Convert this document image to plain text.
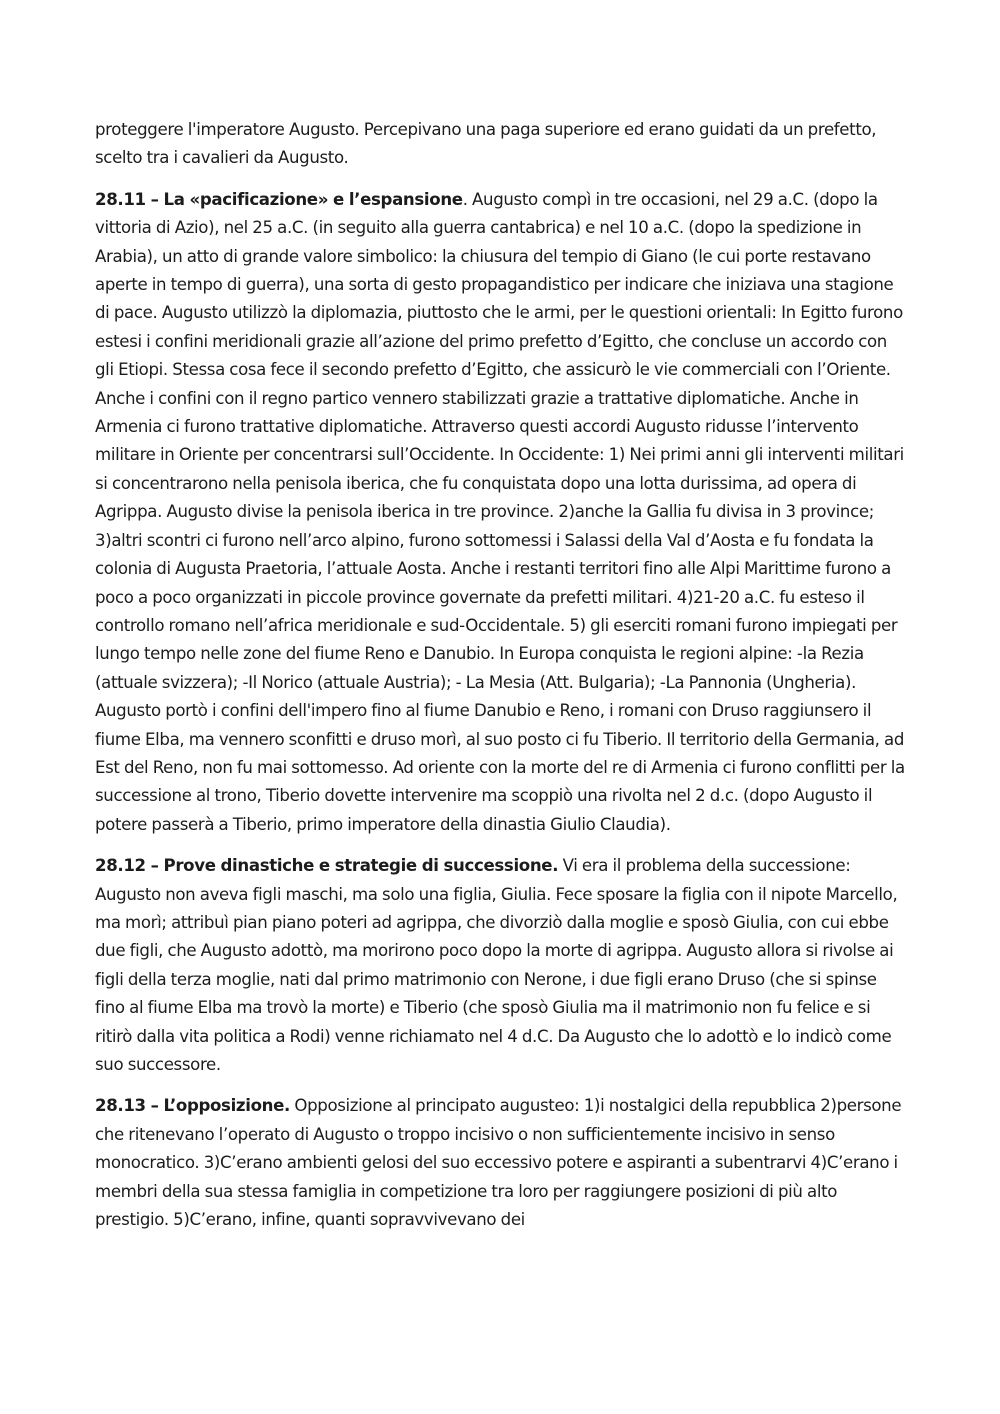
proteggere l'imperatore Augusto. Percepivano una paga superiore ed erano guidati da un prefetto, scelto tra i cavalieri da Augusto.

28.11 – La «pacificazione» e l’espansione. Augusto compì in tre occasioni, nel 29 a.C. (dopo la vittoria di Azio), nel 25 a.C. (in seguito alla guerra cantabrica) e nel 10 a.C. (dopo la spedizione in Arabia), un atto di grande valore simbolico: la chiusura del tempio di Giano (le cui porte restavano aperte in tempo di guerra), una sorta di gesto propagandistico per indicare che iniziava una stagione di pace. Augusto utilizzò la diplomazia, piuttosto che le armi, per le questioni orientali: In Egitto furono estesi i confini meridionali grazie all’azione del primo prefetto d’Egitto, che concluse un accordo con gli Etiopi. Stessa cosa fece il secondo prefetto d’Egitto, che assicurò le vie commerciali con l’Oriente. Anche i confini con il regno partico vennero stabilizzati grazie a trattative diplomatiche. Anche in Armenia ci furono trattative diplomatiche. Attraverso questi accordi Augusto ridusse l’intervento militare in Oriente per concentrarsi sull’Occidente. In Occidente: 1) Nei primi anni gli interventi militari si concentrarono nella penisola iberica, che fu conquistata dopo una lotta durissima, ad opera di Agrippa. Augusto divise la penisola iberica in tre province. 2)anche la Gallia fu divisa in 3 province; 3)altri scontri ci furono nell’arco alpino, furono sottomessi i Salassi della Val d’Aosta e fu fondata la colonia di Augusta Praetoria, l’attuale Aosta. Anche i restanti territori fino alle Alpi Marittime furono a poco a poco organizzati in piccole province governate da prefetti militari. 4)21-20 a.C. fu esteso il controllo romano nell’africa meridionale e sud-Occidentale. 5) gli eserciti romani furono impiegati per lungo tempo nelle zone del fiume Reno e Danubio. In Europa conquista le regioni alpine: -la Rezia (attuale svizzera); -Il Norico (attuale Austria); - La Mesia (Att. Bulgaria); -La Pannonia (Ungheria). Augusto portò i confini dell'impero fino al fiume Danubio e Reno, i romani con Druso raggiunsero il fiume Elba, ma vennero sconfitti e druso morì, al suo posto ci fu Tiberio. Il territorio della Germania, ad Est del Reno, non fu mai sottomesso. Ad oriente con la morte del re di Armenia ci furono conflitti per la successione al trono, Tiberio dovette intervenire ma scoppiò una rivolta nel 2 d.c. (dopo Augusto il potere passerà a Tiberio, primo imperatore della dinastia Giulio Claudia).

28.12 – Prove dinastiche e strategie di successione. Vi era il problema della successione: Augusto non aveva figli maschi, ma solo una figlia, Giulia. Fece sposare la figlia con il nipote Marcello, ma morì; attribuì pian piano poteri ad agrippa, che divorziò dalla moglie e sposò Giulia, con cui ebbe due figli, che Augusto adottò, ma morirono poco dopo la morte di agrippa. Augusto allora si rivolse ai figli della terza moglie, nati dal primo matrimonio con Nerone, i due figli erano Druso (che si spinse fino al fiume Elba ma trovò la morte) e Tiberio (che sposò Giulia ma il matrimonio non fu felice e si ritirò dalla vita politica a Rodi) venne richiamato nel 4 d.C. Da Augusto che lo adottò e lo indicò come suo successore.

28.13 – L’opposizione. Opposizione al principato augusteo: 1)i nostalgici della repubblica 2)persone che ritenevano l’operato di Augusto o troppo incisivo o non sufficientemente incisivo in senso monocratico. 3)C’erano ambienti gelosi del suo eccessivo potere e aspiranti a subentrarvi 4)C’erano i membri della sua stessa famiglia in competizione tra loro per raggiungere posizioni di più alto prestigio. 5)C’erano, infine, quanti sopravvivevano dei
